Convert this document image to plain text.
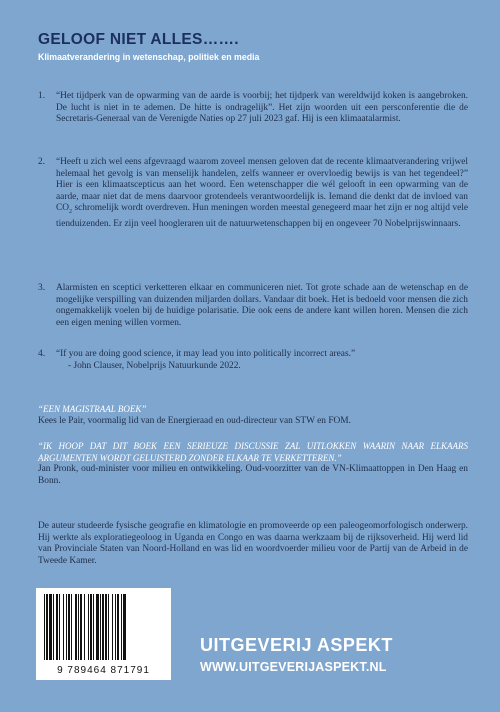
GELOOF NIET ALLES…….
Klimaatverandering in wetenschap, politiek en media
1. “Het tijdperk van de opwarming van de aarde is voorbij; het tijdperk van wereldwijd koken is aangebroken. De lucht is niet in te ademen. De hitte is ondragelijk”. Het zijn woorden uit een persconferentie die de Secretaris-Generaal van de Verenigde Naties op 27 juli 2023 gaf. Hij is een klimaatalarmist.
2. “Heeft u zich wel eens afgevraagd waarom zoveel mensen geloven dat de recente klimaatverandering vrijwel helemaal het gevolg is van menselijk handelen, zelfs wanneer er overvloedig bewijs is van het tegendeel?” Hier is een klimaatscepticus aan het woord. Een wetenschapper die wél gelooft in een opwarming van de aarde, maar niet dat de mens daarvoor grotendeels verantwoordelijk is. Iemand die denkt dat de invloed van $CO_2$ schromelijk wordt overdreven. Hun meningen worden meestal genegeerd maar het zijn er nog altijd vele tienduizenden. Er zijn veel hoogleraren uit de natuurwetenschappen bij en ongeveer 70 Nobelprijswinnaars.
3. Alarmisten en sceptici verketteren elkaar en communiceren niet. Tot grote schade aan de wetenschap en de mogelijke verspilling van duizenden miljarden dollars. Vandaar dit boek. Het is bedoeld voor mensen die zich ongemakkelijk voelen bij de huidige polarisatie. Die ook eens de andere kant willen horen. Mensen die zich een eigen mening willen vormen.
4. “If you are doing good science, it may lead you into politically incorrect areas.”
- John Clauser, Nobelprijs Natuurkunde 2022.
“EEN MAGISTRAAL BOEK”
Kees le Pair, voormalig lid van de Energieraad en oud-directeur van STW en FOM.
“IK HOOP DAT DIT BOEK EEN SERIEUZE DISCUSSIE ZAL UITLOKKEN WAARIN NAAR ELKAARS ARGUMENTEN WORDT GELUISTERD ZONDER ELKAAR TE VERKETTEREN.”
Jan Pronk, oud-minister voor milieu en ontwikkeling. Oud-voorzitter van de VN-Klimaattoppen in Den Haag en Bonn.
De auteur studeerde fysische geografie en klimatologie en promoveerde op een paleogeomorfologisch onderwerp. Hij werkte als exploratiegeoloog in Uganda en Congo en was daarna werkzaam bij de rijksoverheid. Hij werd lid van Provinciale Staten van Noord-Holland en was lid en woordvoerder milieu voor de Partij van de Arbeid in de Tweede Kamer.
9 789464 871791
UITGEVERIJ ASPEKT
WWW.UITGEVERIJASPEKT.NL
